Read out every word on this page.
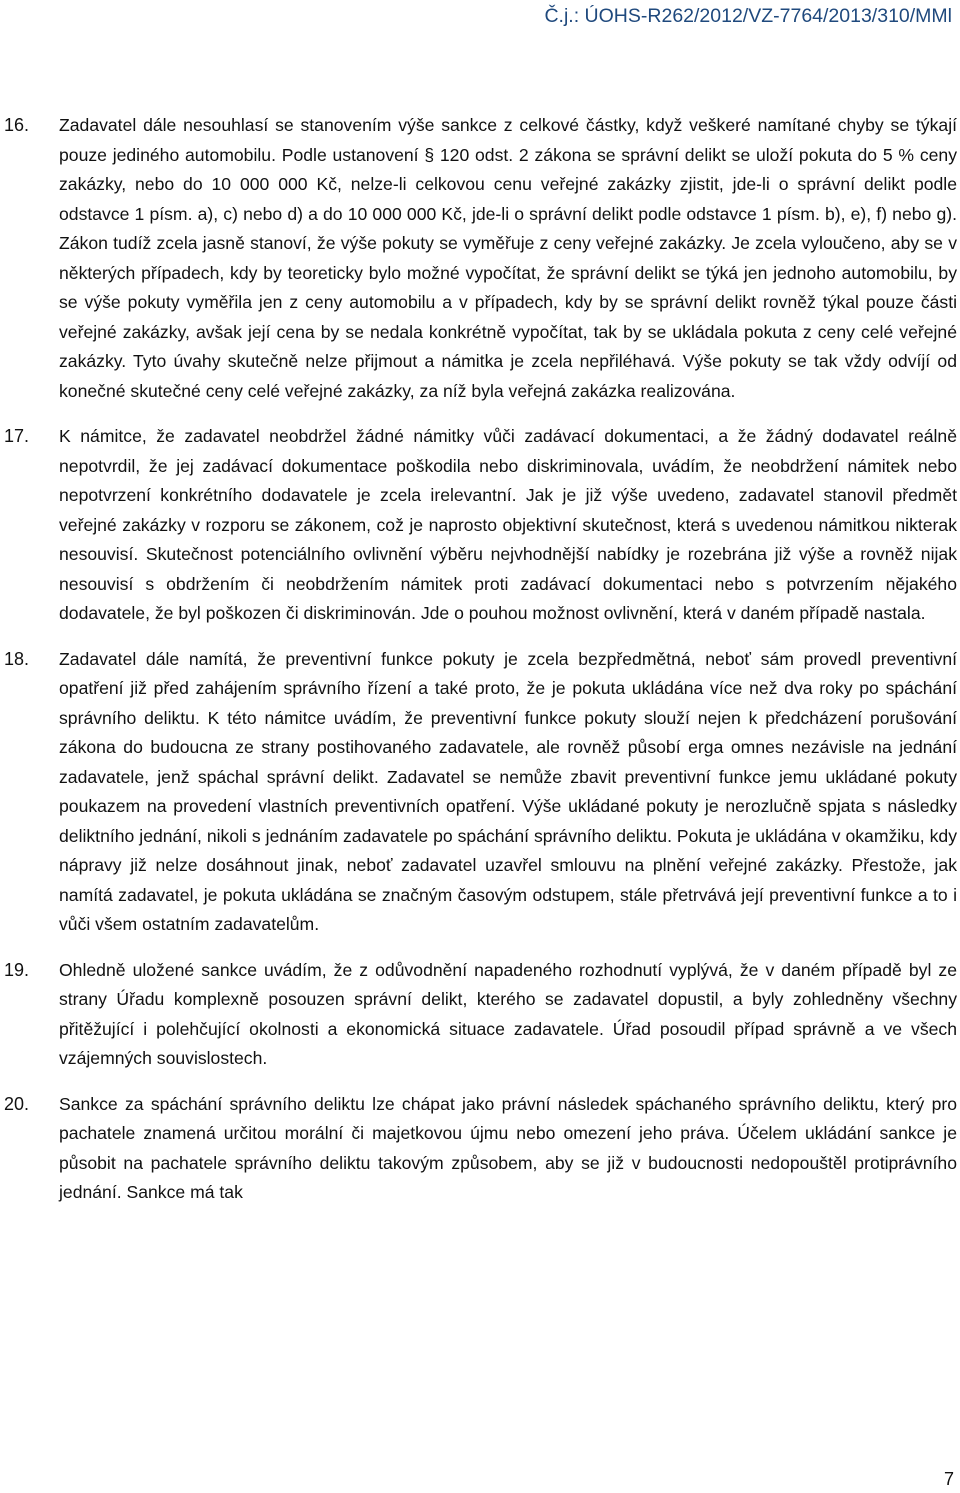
Č.j.: ÚOHS-R262/2012/VZ-7764/2013/310/MMl
16. Zadavatel dále nesouhlasí se stanovením výše sankce z celkové částky, když veškeré namítané chyby se týkají pouze jediného automobilu. Podle ustanovení § 120 odst. 2 zákona se správní delikt se uloží pokuta do 5 % ceny zakázky, nebo do 10 000 000 Kč, nelze-li celkovou cenu veřejné zakázky zjistit, jde-li o správní delikt podle odstavce 1 písm. a), c) nebo d) a do 10 000 000 Kč, jde-li o správní delikt podle odstavce 1 písm. b), e), f) nebo g). Zákon tudíž zcela jasně stanoví, že výše pokuty se vyměřuje z ceny veřejné zakázky. Je zcela vyloučeno, aby se v některých případech, kdy by teoreticky bylo možné vypočítat, že správní delikt se týká jen jednoho automobilu, by se výše pokuty vyměřila jen z ceny automobilu a v případech, kdy by se správní delikt rovněž týkal pouze části veřejné zakázky, avšak její cena by se nedala konkrétně vypočítat, tak by se ukládala pokuta z ceny celé veřejné zakázky. Tyto úvahy skutečně nelze přijmout a námitka je zcela nepřiléhavá. Výše pokuty se tak vždy odvíjí od konečné skutečné ceny celé veřejné zakázky, za níž byla veřejná zakázka realizována.
17. K námitce, že zadavatel neobdržel žádné námitky vůči zadávací dokumentaci, a že žádný dodavatel reálně nepotvrdil, že jej zadávací dokumentace poškodila nebo diskriminovala, uvádím, že neobdržení námitek nebo nepotvrzení konkrétního dodavatele je zcela irelevantní. Jak je již výše uvedeno, zadavatel stanovil předmět veřejné zakázky v rozporu se zákonem, což je naprosto objektivní skutečnost, která s uvedenou námitkou nikterak nesouvisí. Skutečnost potenciálního ovlivnění výběru nejvhodnější nabídky je rozebrána již výše a rovněž nijak nesouvisí s obdržením či neobdržením námitek proti zadávací dokumentaci nebo s potvrzením nějakého dodavatele, že byl poškozen či diskriminován. Jde o pouhou možnost ovlivnění, která v daném případě nastala.
18. Zadavatel dále namítá, že preventivní funkce pokuty je zcela bezpředmětná, neboť sám provedl preventivní opatření již před zahájením správního řízení a také proto, že je pokuta ukládána více než dva roky po spáchání správního deliktu. K této námitce uvádím, že preventivní funkce pokuty slouží nejen k předcházení porušování zákona do budoucna ze strany postihovaného zadavatele, ale rovněž působí erga omnes nezávisle na jednání zadavatele, jenž spáchal správní delikt. Zadavatel se nemůže zbavit preventivní funkce jemu ukládané pokuty poukazem na provedení vlastních preventivních opatření. Výše ukládané pokuty je nerozlučně spjata s následky deliktního jednání, nikoli s jednáním zadavatele po spáchání správního deliktu. Pokuta je ukládána v okamžiku, kdy nápravy již nelze dosáhnout jinak, neboť zadavatel uzavřel smlouvu na plnění veřejné zakázky. Přestože, jak namítá zadavatel, je pokuta ukládána se značným časovým odstupem, stále přetrvává její preventivní funkce a to i vůči všem ostatním zadavatelům.
19. Ohledně uložené sankce uvádím, že z odůvodnění napadeného rozhodnutí vyplývá, že v daném případě byl ze strany Úřadu komplexně posouzen správní delikt, kterého se zadavatel dopustil, a byly zohledněny všechny přitěžující i polehčující okolnosti a ekonomická situace zadavatele. Úřad posoudil případ správně a ve všech vzájemných souvislostech.
20. Sankce za spáchání správního deliktu lze chápat jako právní následek spáchaného správního deliktu, který pro pachatele znamená určitou morální či majetkovou újmu nebo omezení jeho práva. Účelem ukládání sankce je působit na pachatele správního deliktu takovým způsobem, aby se již v budoucnosti nedopouštěl protiprávního jednání. Sankce má tak
7
